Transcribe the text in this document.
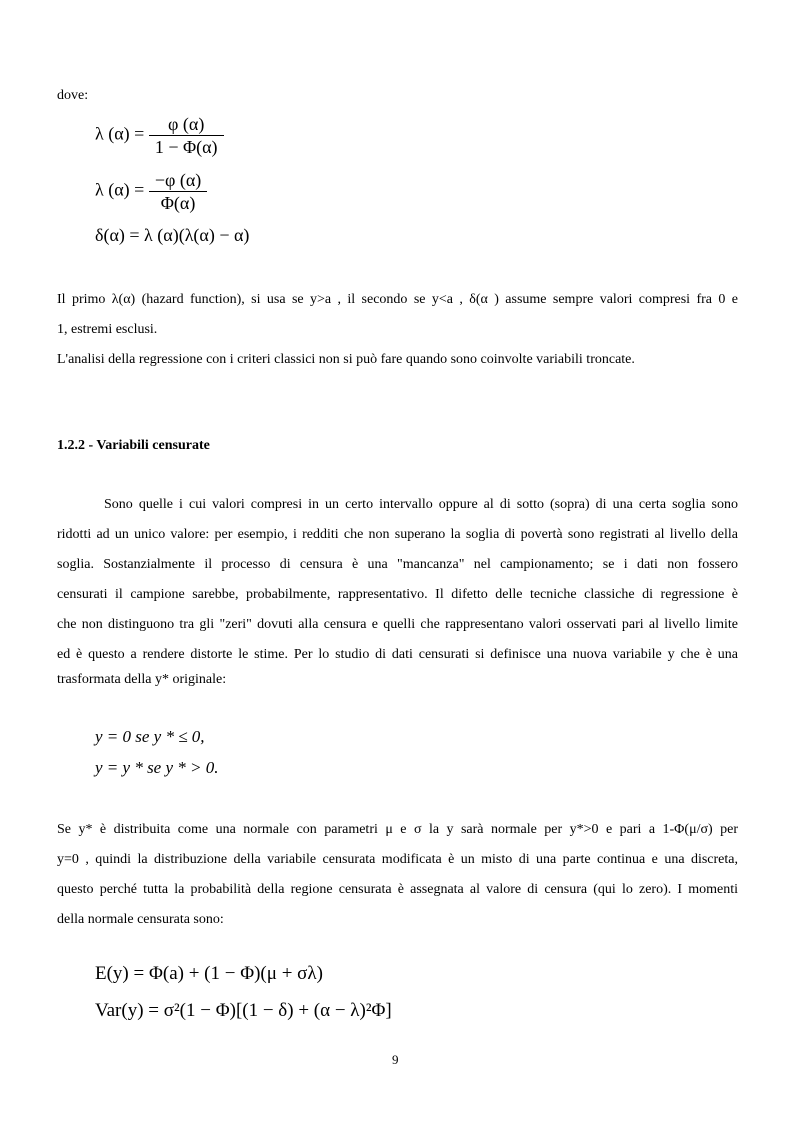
dove:
λ $(\alpha) = \frac{\varphi (\alpha)}{1 - \Phi(\alpha)}$
λ $(\alpha) = \frac{-\varphi (\alpha)}{\Phi(\alpha)}$
δ(α) = λ (α)(λ(α) − α)
Il primo λ(α) (hazard function), si usa se y>a , il secondo se y<a , δ(α ) assume sempre valori compresi fra 0 e
1, estremi esclusi.
L'analisi della regressione con i criteri classici non si può fare quando sono coinvolte variabili troncate.
1.2.2 - Variabili censurate
Sono quelle i cui valori compresi in un certo intervallo oppure al di sotto (sopra) di una certa soglia sono
ridotti ad un unico valore: per esempio, i redditi che non superano la soglia di povertà sono registrati al livello della
soglia. Sostanzialmente il processo di censura è una "mancanza" nel campionamento; se i dati non fossero
censurati il campione sarebbe, probabilmente, rappresentativo. Il difetto delle tecniche classiche di regressione è
che non distinguono tra gli "zeri" dovuti alla censura e quelli che rappresentano valori osservati pari al livello limite
ed è questo a rendere distorte le stime. Per lo studio di dati censurati si definisce una nuova variabile y che è una
trasformata della y* originale:
y = 0 se y * ≤ 0,
y = y * se y * > 0.
Se y* è distribuita come una normale con parametri μ e σ la y sarà normale per y*>0 e pari a 1-Φ(μ/σ) per
y=0 , quindi la distribuzione della variabile censurata modificata è un misto di una parte continua e una discreta,
questo perché tutta la probabilità della regione censurata è assegnata al valore di censura (qui lo zero). I momenti
della normale censurata sono:
E(y) = Φ(a) + (1 − Φ)(μ + σλ)
Var(y) = σ²(1 − Φ)[(1 − δ) + (α − λ)²Φ]
9
